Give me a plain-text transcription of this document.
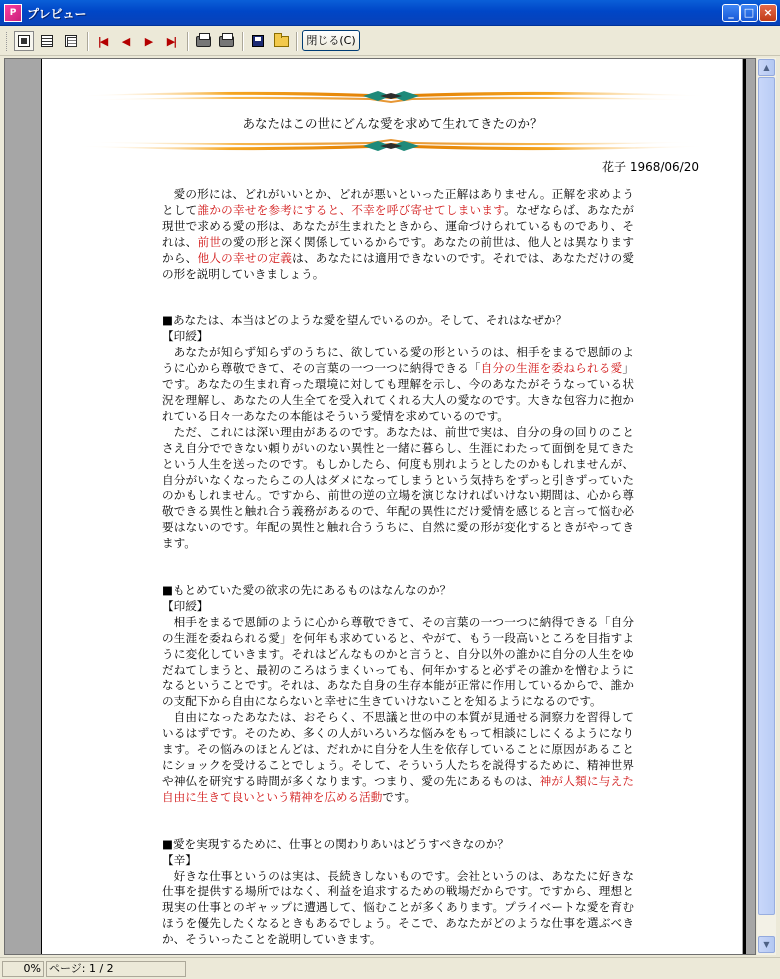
P プレビュー	_ □ ×
|◀ ◀ ▶ ▶|	閉じる(C)
あなたはこの世にどんな愛を求めて生れてきたのか？
花子 1968/06/20

愛の形には、どれがいいとか、どれが悪いといった正解はありません。正解を求めようとして誰かの幸せを参考にすると、不幸を呼び寄せてしまいます。なぜならば、あなたが現世で求める愛の形は、あなたが生まれたときから、運命づけられているものであり、それは、前世の愛の形と深く関係しているからです。あなたの前世は、他人とは異なりますから、他人の幸せの定義は、あなたには適用できないのです。それでは、あなただけの愛の形を説明していきましょう。

■あなたは、本当はどのような愛を望んでいるのか。そして、それはなぜか？
【印綬】

あなたが知らず知らずのうちに、欲している愛の形というのは、相手をまるで恩師のように心から尊敬できて、その言葉の一つ一つに納得できる「自分の生涯を委ねられる愛」です。あなたの生まれ育った環境に対しても理解を示し、今のあなたがそうなっている状況を理解し、あなたの人生全てを受入れてくれる大人の愛なのです。大きな包容力に抱かれている日々一あなたの本能はそういう愛情を求めているのです。

ただ、これには深い理由があるのです。あなたは、前世で実は、自分の身の回りのことさえ自分でできない頼りがいのない異性と一緒に暮らし、生涯にわたって面倒を見てきたという人生を送ったのです。もしかしたら、何度も別れようとしたのかもしれませんが、自分がいなくなったらこの人はダメになってしまうという気持ちをずっと引きずっていたのかもしれません。ですから、前世の逆の立場を演じなければいけない期間は、心から尊敬できる異性と触れ合う義務があるので、年配の異性にだけ愛情を感じると言って悩む必要はないのです。年配の異性と触れ合ううちに、自然に愛の形が変化するときがやってきます。

■もとめていた愛の欲求の先にあるものはなんなのか？
【印綬】

相手をまるで恩師のように心から尊敬できて、その言葉の一つ一つに納得できる「自分の生涯を委ねられる愛」を何年も求めていると、やがて、もう一段高いところを目指すように変化していきます。それはどんなものかと言うと、自分以外の誰かに自分の人生をゆだねてしまうと、最初のころはうまくいっても、何年かすると必ずその誰かを憎むようになるということです。それは、あなた自身の生存本能が正常に作用しているからで、誰かの支配下から自由にならないと幸せに生きていけないことを知るようになるのです。

自由になったあなたは、おそらく、不思議と世の中の本質が見通せる洞察力を習得しているはずです。そのため、多くの人がいろいろな悩みをもって相談にしにくるようになります。その悩みのほとんどは、だれかに自分を人生を依存していることに原因があることにショックを受けることでしょう。そして、そういう人たちを説得するために、精神世界や神仏を研究する時間が多くなります。つまり、愛の先にあるものは、神が人類に与えた自由に生きて良いという精神を広める活動です。

■愛を実現するために、仕事との関わりあいはどうすべきなのか？
【辛】

好きな仕事というのは実は、長続きしないものです。会社というのは、あなたに好きな仕事を提供する場所ではなく、利益を追求するための戦場だからです。ですから、理想と現実の仕事とのギャップに遭遇して、悩むことが多くあります。プライベートな愛を育むほうを優先したくなるときもあるでしょう。そこで、あなたがどのような仕事を選ぶべきか、そういったことを説明していきます。

▲
▼
0% ページ: 1 / 2
